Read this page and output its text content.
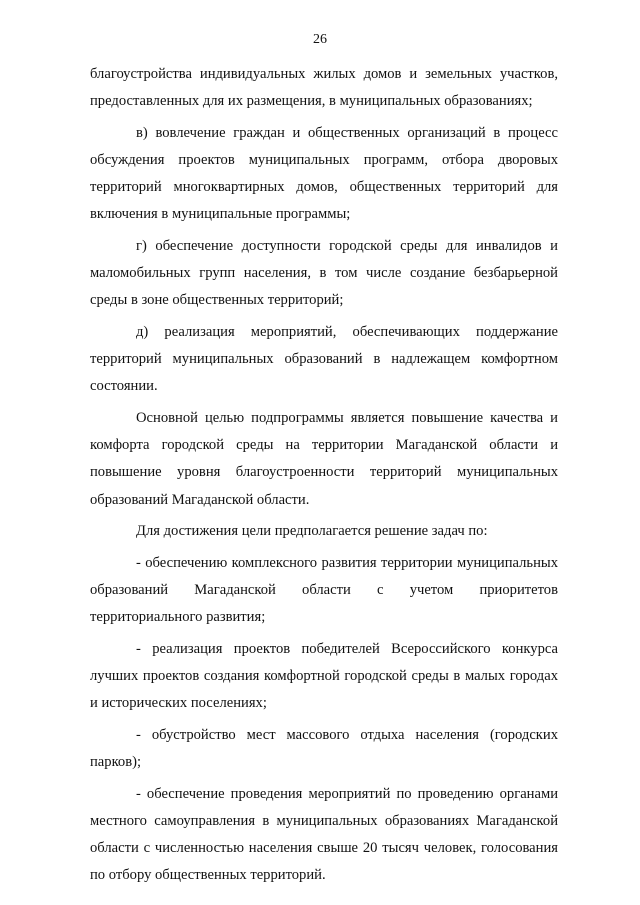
26

благоустройства индивидуальных жилых домов и земельных участков, предоставленных для их размещения, в муниципальных образованиях;

в) вовлечение граждан и общественных организаций в процесс обсуждения проектов муниципальных программ, отбора дворовых территорий многоквартирных домов, общественных территорий для включения в муниципальные программы;

г) обеспечение доступности городской среды для инвалидов и маломобильных групп населения, в том числе создание безбарьерной среды в зоне общественных территорий;

д) реализация мероприятий, обеспечивающих поддержание территорий муниципальных образований в надлежащем комфортном состоянии.

Основной целью подпрограммы является повышение качества и комфорта городской среды на территории Магаданской области и повышение уровня благоустроенности территорий муниципальных образований Магаданской области.

Для достижения цели предполагается решение задач по:

- обеспечению комплексного развития территории муниципальных образований Магаданской области с учетом приоритетов территориального развития;

- реализация проектов победителей Всероссийского конкурса лучших проектов создания комфортной городской среды в малых городах и исторических поселениях;

- обустройство мест массового отдыха населения (городских парков);

- обеспечение проведения мероприятий по проведению органами местного самоуправления в муниципальных образованиях Магаданской области с численностью населения свыше 20 тысяч человек, голосования по отбору общественных территорий.
